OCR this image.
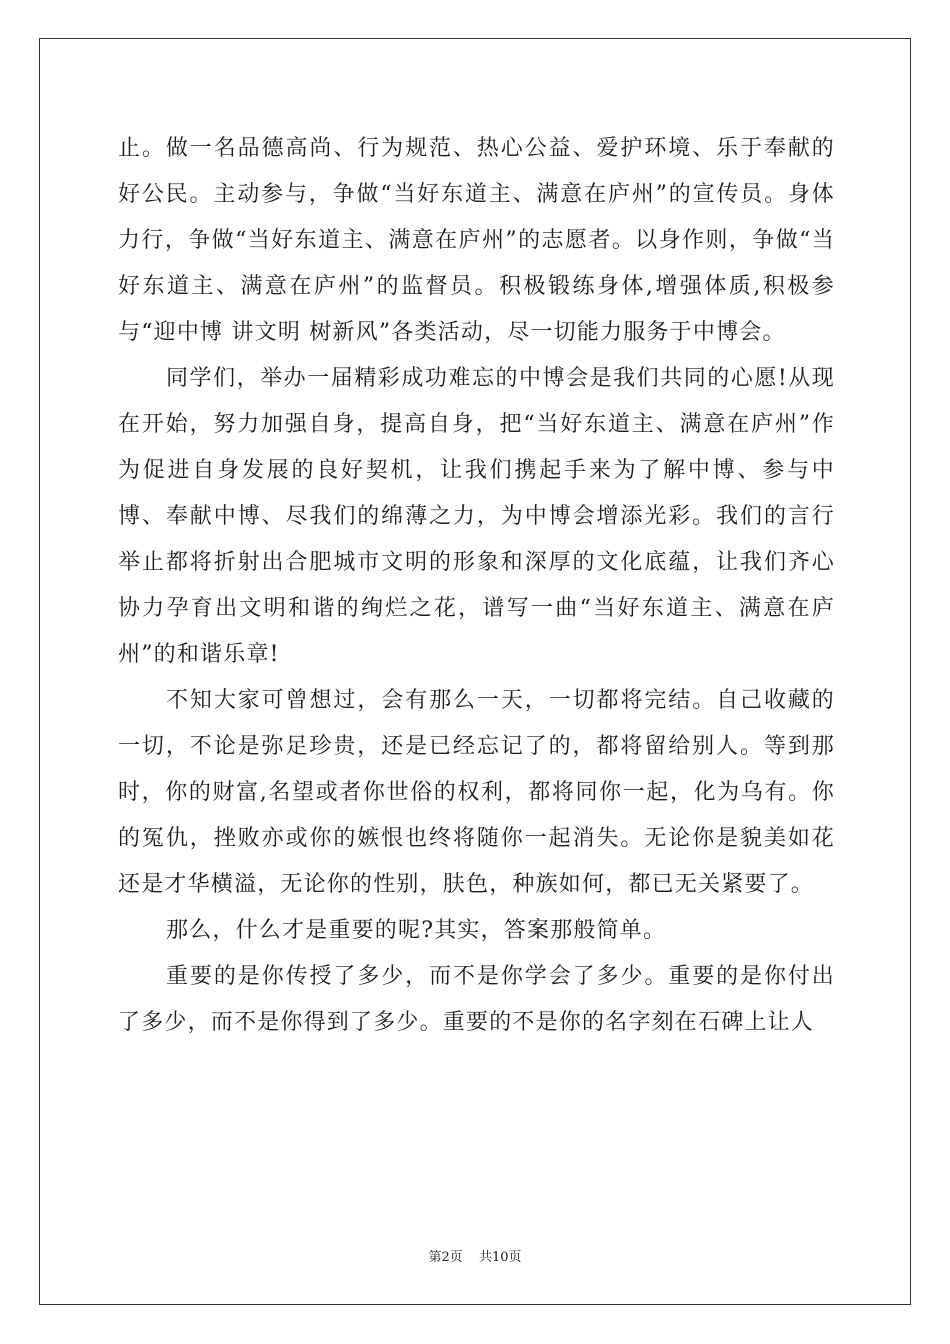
止。做一名品德高尚、行为规范、热心公益、爱护环境、乐于奉献的好公民。主动参与，争做“当好东道主、满意在庐州”的宣传员。身体力行，争做“当好东道主、满意在庐州”的志愿者。以身作则，争做“当好东道主、满意在庐州”的监督员。积极锻练身体,增强体质,积极参与“迎中博 讲文明 树新风”各类活动，尽一切能力服务于中博会。

同学们，举办一届精彩成功难忘的中博会是我们共同的心愿!从现在开始，努力加强自身，提高自身，把“当好东道主、满意在庐州”作为促进自身发展的良好契机，让我们携起手来为了解中博、参与中博、奉献中博、尽我们的绵薄之力，为中博会增添光彩。我们的言行举止都将折射出合肥城市文明的形象和深厚的文化底蕴，让我们齐心协力孕育出文明和谐的绚烂之花，谱写一曲“当好东道主、满意在庐州”的和谐乐章!

不知大家可曾想过，会有那么一天，一切都将完结。自己收藏的一切，不论是弥足珍贵，还是已经忘记了的，都将留给别人。等到那时，你的财富,名望或者你世俗的权利，都将同你一起，化为乌有。你的冤仇，挫败亦或你的嫉恨也终将随你一起消失。无论你是貌美如花还是才华横溢，无论你的性别，肤色，种族如何，都已无关紧要了。

那么，什么才是重要的呢?其实，答案那般简单。

重要的是你传授了多少，而不是你学会了多少。重要的是你付出了多少，而不是你得到了多少。重要的不是你的名字刻在石碑上让人

第2页 共10页
